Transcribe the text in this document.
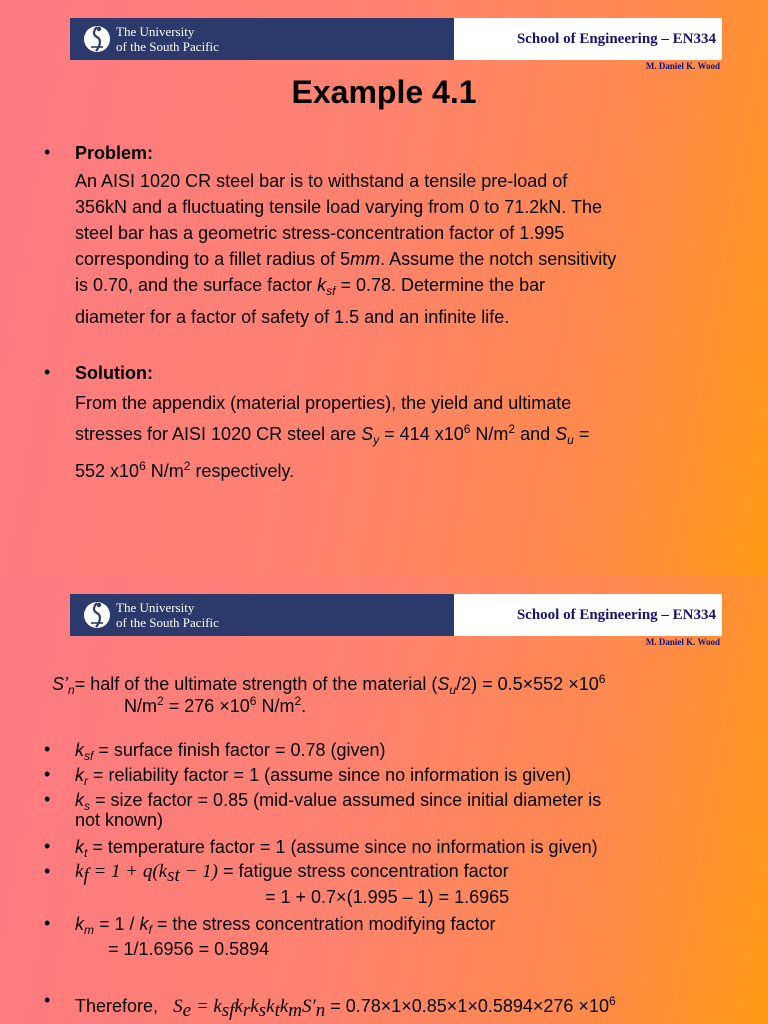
The University
of the South Pacific	School of Engineering – EN334
M. Daniel K. Wood
Example 4.1
• Problem:
An AISI 1020 CR steel bar is to withstand a tensile pre-load of
356kN and a fluctuating tensile load varying from 0 to 71.2kN. The
steel bar has a geometric stress-concentration factor of 1.995
corresponding to a fillet radius of 5mm. Assume the notch sensitivity
is 0.70, and the surface factor $k_{sf} = 0.78$. Determine the bar
diameter for a factor of safety of 1.5 and an infinite life.
• Solution:
From the appendix (material properties), the yield and ultimate
stresses for AISI 1020 CR steel are $S_y = 414$ $x10^6$ $N/m^2$ and $S_u$ =
552 $x10^6$ $N/m^2$ respectively.
The University
of the South Pacific	School of Engineering – EN334
M. Daniel K. Wood
$S’_n=$ half of the ultimate strength of the material $(S_u/2) = 0.5\times 552 \times 10^6$
$N/m^2 = 276 \times 10^6$ $N/m^2$.
• $k_{sf}$ = surface finish factor = 0.78 (given)
• $k_r$ = reliability factor = 1 (assume since no information is given)
• $k_s$ = size factor = 0.85 (mid-value assumed since initial diameter is
not known)
• $k_t$ = temperature factor = 1 (assume since no information is given)
• kf = 1 + q(kst − 1) = fatigue stress concentration factor
= 1 + 0.7×(1.995 – 1) = 1.6965
• $k_m = 1 / k_f$ = the stress concentration modifying factor
= 1/1.6956 = 0.5894
• Therefore, Se = ksfkrksktkmS′n = $0.78\times 1\times 0.85\times 1\times 0.5894\times 276 \times 10^6$
